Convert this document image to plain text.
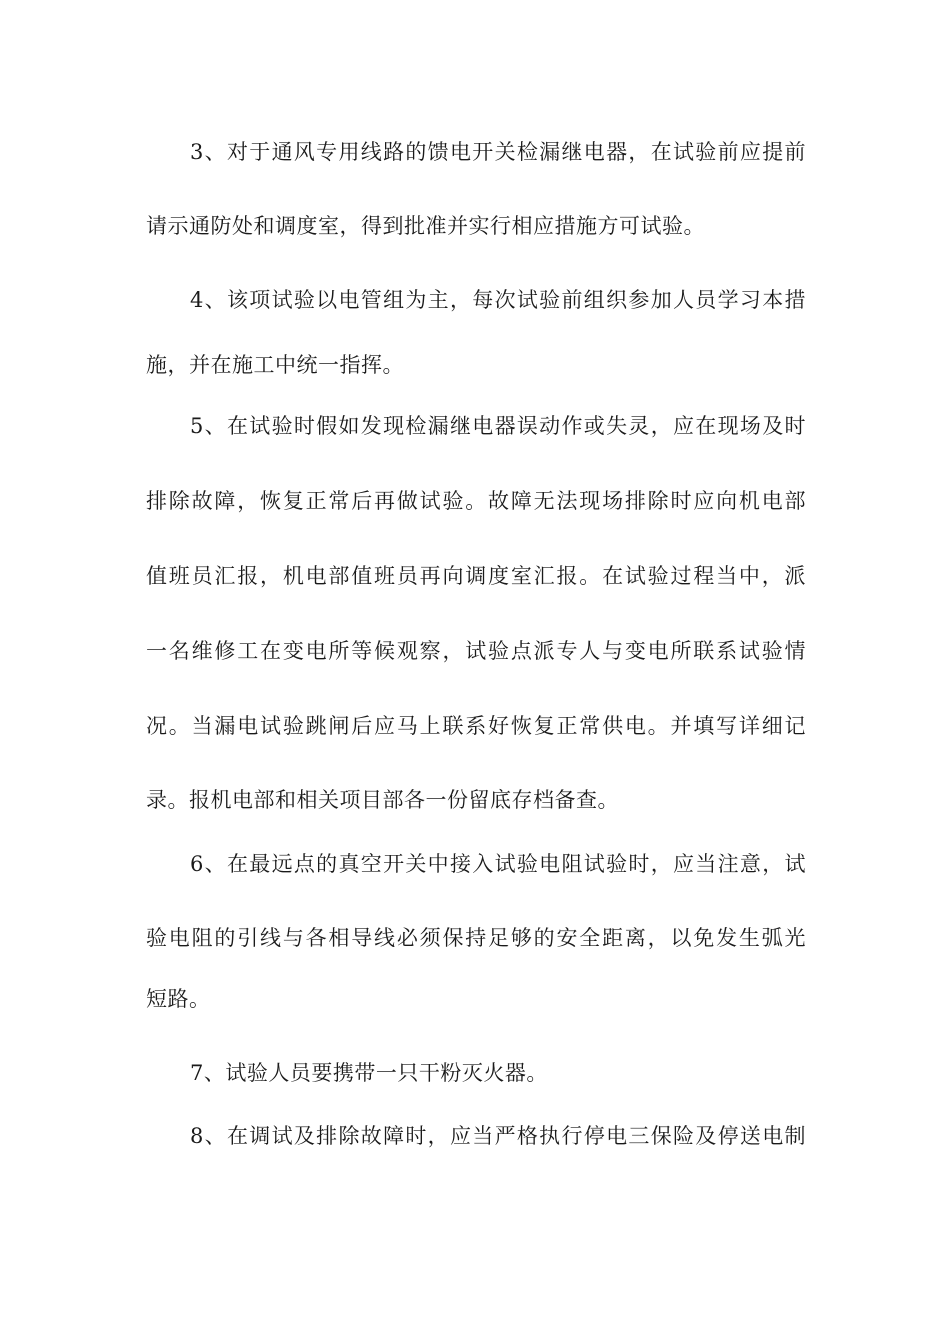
3、对于通风专用线路的馈电开关检漏继电器，在试验前应提前
请示通防处和调度室，得到批准并实行相应措施方可试验。
4、该项试验以电管组为主，每次试验前组织参加人员学习本措
施，并在施工中统一指挥。
5、在试验时假如发现检漏继电器误动作或失灵，应在现场及时
排除故障，恢复正常后再做试验。故障无法现场排除时应向机电部
值班员汇报，机电部值班员再向调度室汇报。在试验过程当中，派
一名维修工在变电所等候观察，试验点派专人与变电所联系试验情
况。当漏电试验跳闸后应马上联系好恢复正常供电。并填写详细记
录。报机电部和相关项目部各一份留底存档备查。
6、在最远点的真空开关中接入试验电阻试验时，应当注意，试
验电阻的引线与各相导线必须保持足够的安全距离，以免发生弧光
短路。
7、试验人员要携带一只干粉灭火器。
8、在调试及排除故障时，应当严格执行停电三保险及停送电制
